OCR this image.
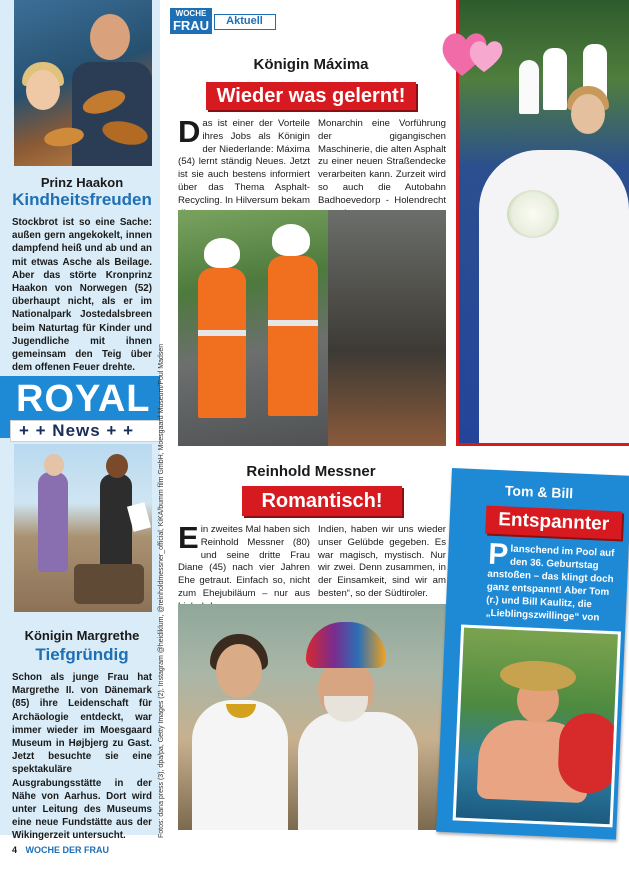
Prinz Haakon
Kindheitsfreuden
Stockbrot ist so eine Sache: außen gern angekokelt, innen dampfend heiß und ab und an mit etwas Asche als Beilage. Aber das störte Kronprinz Haakon von Norwegen (52) überhaupt nicht, als er im Nationalpark Jostedalsbreen beim Naturtag für Kinder und Jugendliche mit ihnen gemeinsam den Teig über dem offenen Feuer drehte.
ROYAL
+ + News + +
Königin Margrethe
Tiefgründig
Schon als junge Frau hat Margrethe II. von Dänemark (85) ihre Leidenschaft für Archäologie entdeckt, war immer wieder im Moesgaard Museum in Højbjerg zu Gast. Jetzt besuchte sie eine spektakuläre Ausgrabungsstätte in der Nähe von Aarhus. Dort wird unter Leitung des Museums eine neue Fundstätte aus der Wikingerzeit untersucht.	Fotos: dana press (3), dpa/pa, Getty Images (2), Instagram @heidiklum, @reinholdmessner_official, KiKA/bumm film GmbH, Moesgaard Museum/Poul Madsen
4 WOCHE DER FRAU
WOCHE
FRAU	Aktuell
Königin Máxima
Wieder was gelernt!
Das ist einer der Vorteile ihres Jobs als Königin der Niederlande: Máxima (54) lernt ständig Neues. Jetzt ist sie auch bestens informiert über das Thema Asphalt-Recycling. In Hilversum bekam
Monarchin eine Vorführung der gigangischen Maschinerie, die alten Asphalt zu einer neuen Straßendecke verarbeiten kann. Zurzeit wird so auch die Autobahn Badhoevedorp - Holendrecht
Reinhold Messner
Romantisch!
Ein zweites Mal haben sich Reinhold Messner (80) und seine dritte Frau Diane (45) nach vier Jahren Ehe getraut. Einfach so, nicht zum Ehejubiläum – nur aus
Indien, haben wir uns wieder unser Gelübde gegeben. Es war magisch, mystisch. Nur wir zwei. Denn zusammen, in der Einsamkeit, sind wir am besten“, so der Südtiroler.
Tom & Bill
Entspannter
Planschend im Pool auf den 36. Geburtstag anstoßen – das klingt doch ganz entspannt! Aber Tom (r.) und Bill Kaulitz, die „Lieblingszwillinge“ von
